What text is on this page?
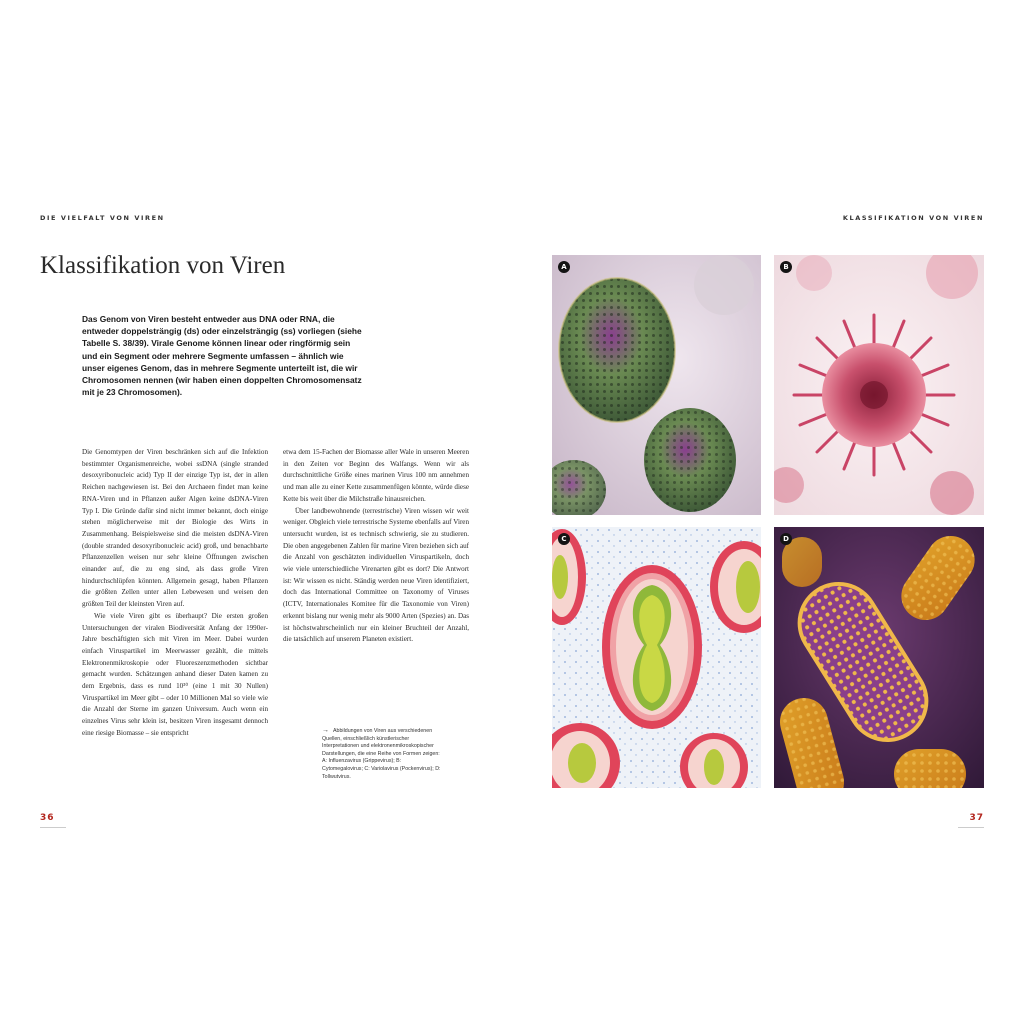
DIE VIELFALT VON VIREN	KLASSIFIKATION VON VIREN
Klassifikation von Viren

Das Genom von Viren besteht entweder aus DNA oder RNA, die entweder doppelsträngig (ds) oder einzelsträngig (ss) vorliegen (siehe Tabelle S. 38/39). Virale Genome können linear oder ringförmig sein und ein Segment oder mehrere Segmente umfassen – ähnlich wie unser eigenes Genom, das in mehrere Segmente unterteilt ist, die wir Chromosomen nennen (wir haben einen doppelten Chromosomensatz mit je 23 Chromosomen).

Die Genomtypen der Viren beschränken sich auf die Infektion bestimmter Organismenreiche, wobei ssDNA (single stranded desoxyribonucleic acid) Typ II der einzige Typ ist, der in allen Reichen nachgewiesen ist. Bei den Archaeen findet man keine RNA-Viren und in Pflanzen außer Algen keine dsDNA-Viren Typ I. Die Gründe dafür sind nicht immer bekannt, doch einige stehen möglicherweise mit der Biologie des Wirts in Zusammenhang. Beispielsweise sind die meisten dsDNA-Viren (double stranded desoxyribonucleic acid) groß, und benachbarte Pflanzenzellen weisen nur sehr kleine Öffnungen zwischen einander auf, die zu eng sind, als dass große Viren hindurchschlüpfen könnten. Allgemein gesagt, haben Pflanzen die größten Zellen unter allen Lebewesen und weisen den größten Teil der kleinsten Viren auf.

Wie viele Viren gibt es überhaupt? Die ersten großen Untersuchungen der viralen Biodiversität Anfang der 1990er-Jahre beschäftigten sich mit Viren im Meer. Dabei wurden einfach Viruspartikel im Meerwasser gezählt, die mittels Elektronenmikroskopie oder Fluoreszenzmethoden sichtbar gemacht wurden. Schätzungen anhand dieser Daten kamen zu dem Ergebnis, dass es rund 10³⁰ (eine 1 mit 30 Nullen) Viruspartikel im Meer gibt – oder 10 Millionen Mal so viele wie die Anzahl der Sterne im ganzen Universum. Auch wenn ein einzelnes Virus sehr klein ist, besitzen Viren insgesamt dennoch eine riesige Biomasse – sie entspricht

etwa dem 15-Fachen der Biomasse aller Wale in unseren Meeren in den Zeiten vor Beginn des Walfangs. Wenn wir als durchschnittliche Größe eines marinen Virus 100 nm annehmen und man alle zu einer Kette zusammenfügen könnte, würde diese Kette bis weit über die Milchstraße hinausreichen.

Über landbewohnende (terrestrische) Viren wissen wir weit weniger. Obgleich viele terrestrische Systeme ebenfalls auf Viren untersucht wurden, ist es technisch schwierig, sie zu studieren. Die oben angegebenen Zahlen für marine Viren beziehen sich auf die Anzahl von geschätzten individuellen Viruspartikeln, doch wie viele unterschiedliche Virenarten gibt es dort? Die Antwort ist: Wir wissen es nicht. Ständig werden neue Viren identifiziert, doch das International Committee on Taxonomy of Viruses (ICTV, Internationales Komitee für die Taxonomie von Viren) erkennt bislang nur wenig mehr als 9000 Arten (Spezies) an. Das ist höchstwahrscheinlich nur ein kleiner Bruchteil der Anzahl, die tatsächlich auf unserem Planeten existiert.

→ Abbildungen von Viren aus verschiedenen Quellen, einschließlich künstlerischer Interpretationen und elektronenmikroskopischer Darstellungen, die eine Reihe von Formen zeigen: A: Influenzavirus (Grippevirus); B: Cytomegalovirus; C: Variolavirus (Pockenvirus); D: Tollwutvirus.

36	37
A	B
C	D
